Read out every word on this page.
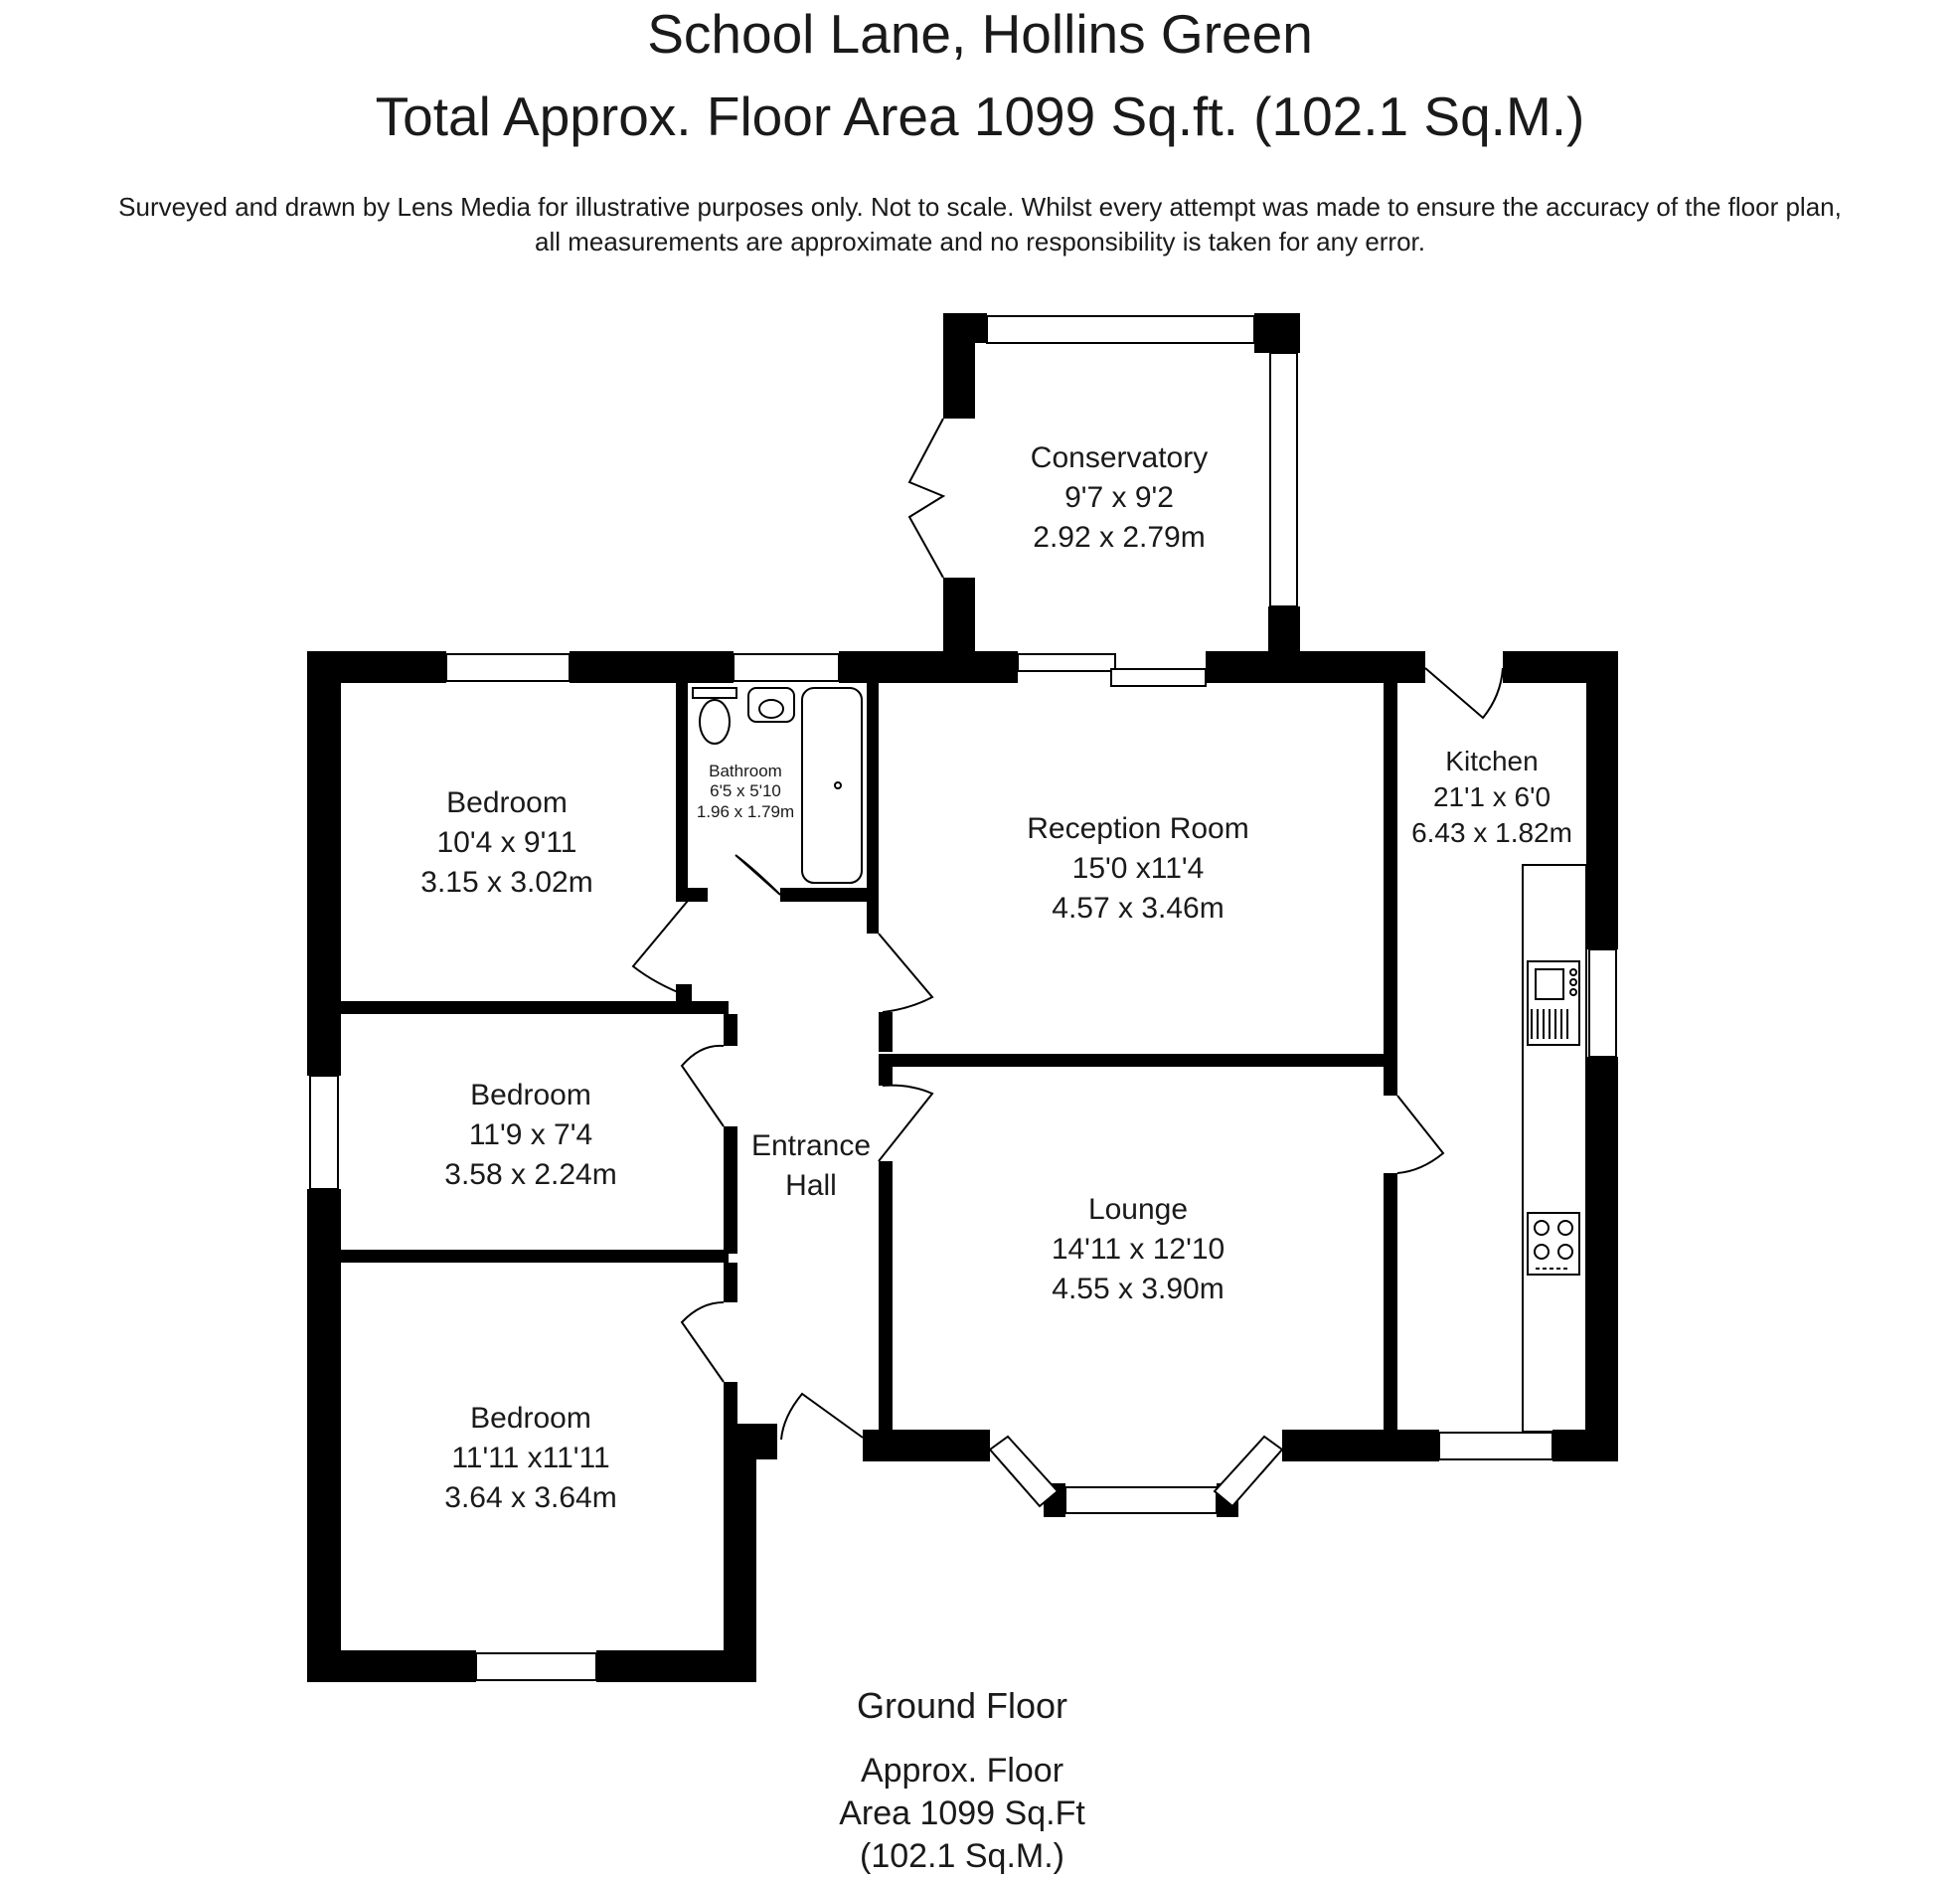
School Lane, Hollins Green
Total Approx. Floor Area 1099 Sq.ft. (102.1 Sq.M.)
Surveyed and drawn by Lens Media for illustrative purposes only. Not to scale. Whilst every attempt was made to ensure the accuracy of the floor plan,
all measurements are approximate and no responsibility is taken for any error.
Conservatory
9'7 x 9'2
2.92 x 2.79m
Bedroom
10'4 x 9'11
3.15 x 3.02m
Bathroom
6'5 x 5'10
1.96 x 1.79m
Reception Room
15'0 x11'4
4.57 x 3.46m
Kitchen
21'1 x 6'0
6.43 x 1.82m
Bedroom
11'9 x 7'4
3.58 x 2.24m
Entrance
Hall
Lounge
14'11 x 12'10
4.55 x 3.90m
Bedroom
11'11 x11'11
3.64 x 3.64m
Ground Floor
Approx. Floor
Area 1099 Sq.Ft
(102.1 Sq.M.)
